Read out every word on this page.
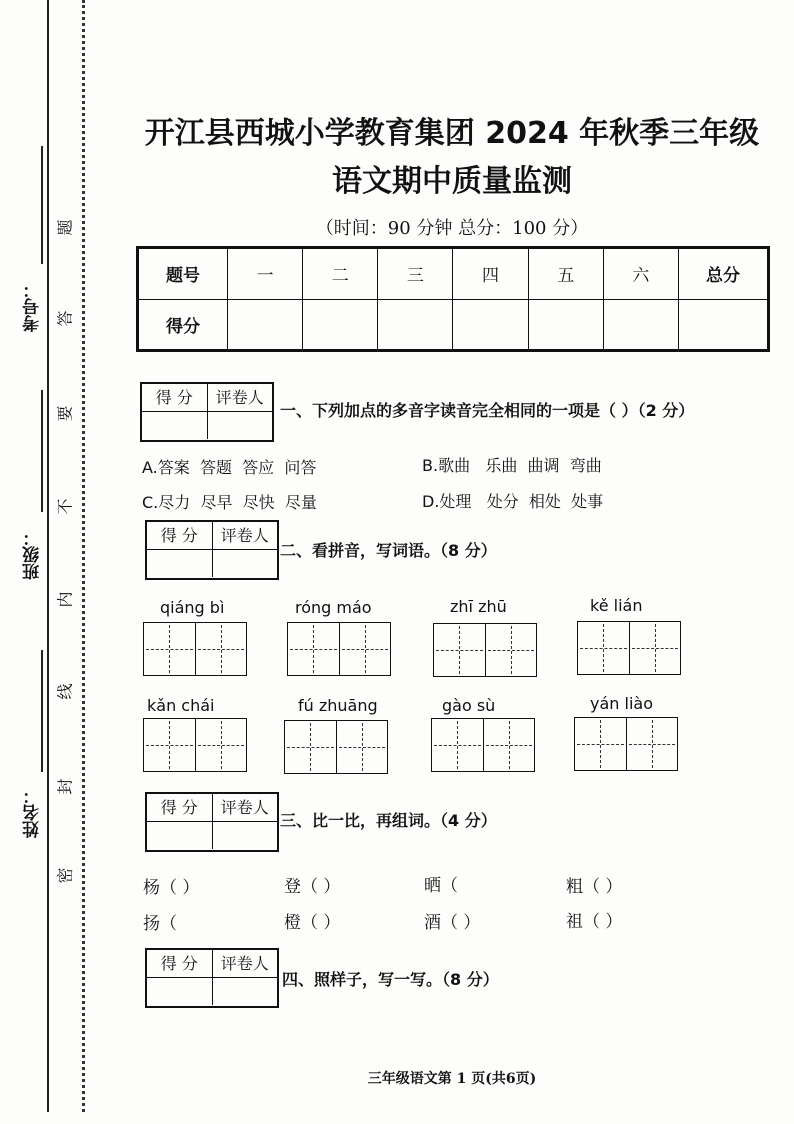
考号：
班级：
姓名：
题
答
要
不
内
线
封
密
开江县西城小学教育集团 2024 年秋季三年级
语文期中质量监测
（时间：90 分钟 总分：100 分）
题号	一	二	三	四	五	六	总分
得分							
得 分	评卷人
一、下列加点的多音字读音完全相同的一项是（ ）（2 分）
A.答案 答题 答应 问答	B.歌曲 乐曲 曲调 弯曲
C.尽力 尽早 尽快 尽量	D.处理 处分 相处 处事
得 分	评卷人
二、看拼音，写词语。（8 分）
qiáng bì	róng máo	zhī zhū	kě lián
kǎn chái	fú zhuāng	gào sù	yán liào
得 分	评卷人
三、比一比，再组词。（4 分）
杨（ ）	登（ ）	晒（	粗（ ）
扬（	橙（ ）	酒（ ）	祖（ ）
得 分	评卷人
四、照样子，写一写。（8 分）
三年级语文第 1 页(共6页)
